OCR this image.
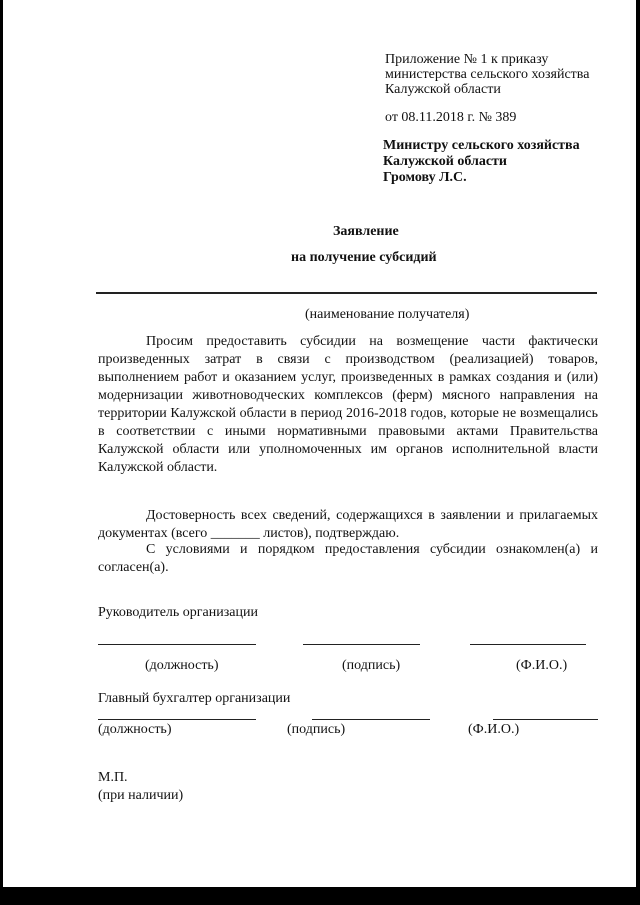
Приложение № 1 к приказу
министерства сельского хозяйства
Калужской области
от 08.11.2018 г. № 389
Министру сельского хозяйства
Калужской области
Громову Л.С.
Заявление
на получение субсидий
(наименование получателя)
Просим предоставить субсидии на возмещение части фактически
произведенных затрат в связи с производством (реализацией) товаров,
выполнением работ и оказанием услуг, произведенных в рамках создания и (или)
модернизации животноводческих комплексов (ферм) мясного направления на
территории Калужской области в период 2016-2018 годов, которые не возмещались
в соответствии с иными нормативными правовыми актами Правительства
Калужской области или уполномоченных им органов исполнительной власти
Калужской области.
Достоверность всех сведений, содержащихся в заявлении и прилагаемых
документах (всего _______ листов), подтверждаю.
С условиями и порядком предоставления субсидии ознакомлен(а) и
согласен(а).
Руководитель организации
(должность)	(подпись)	(Ф.И.О.)
Главный бухгалтер организации
(должность)	(подпись)	(Ф.И.О.)
М.П.
(при наличии)
